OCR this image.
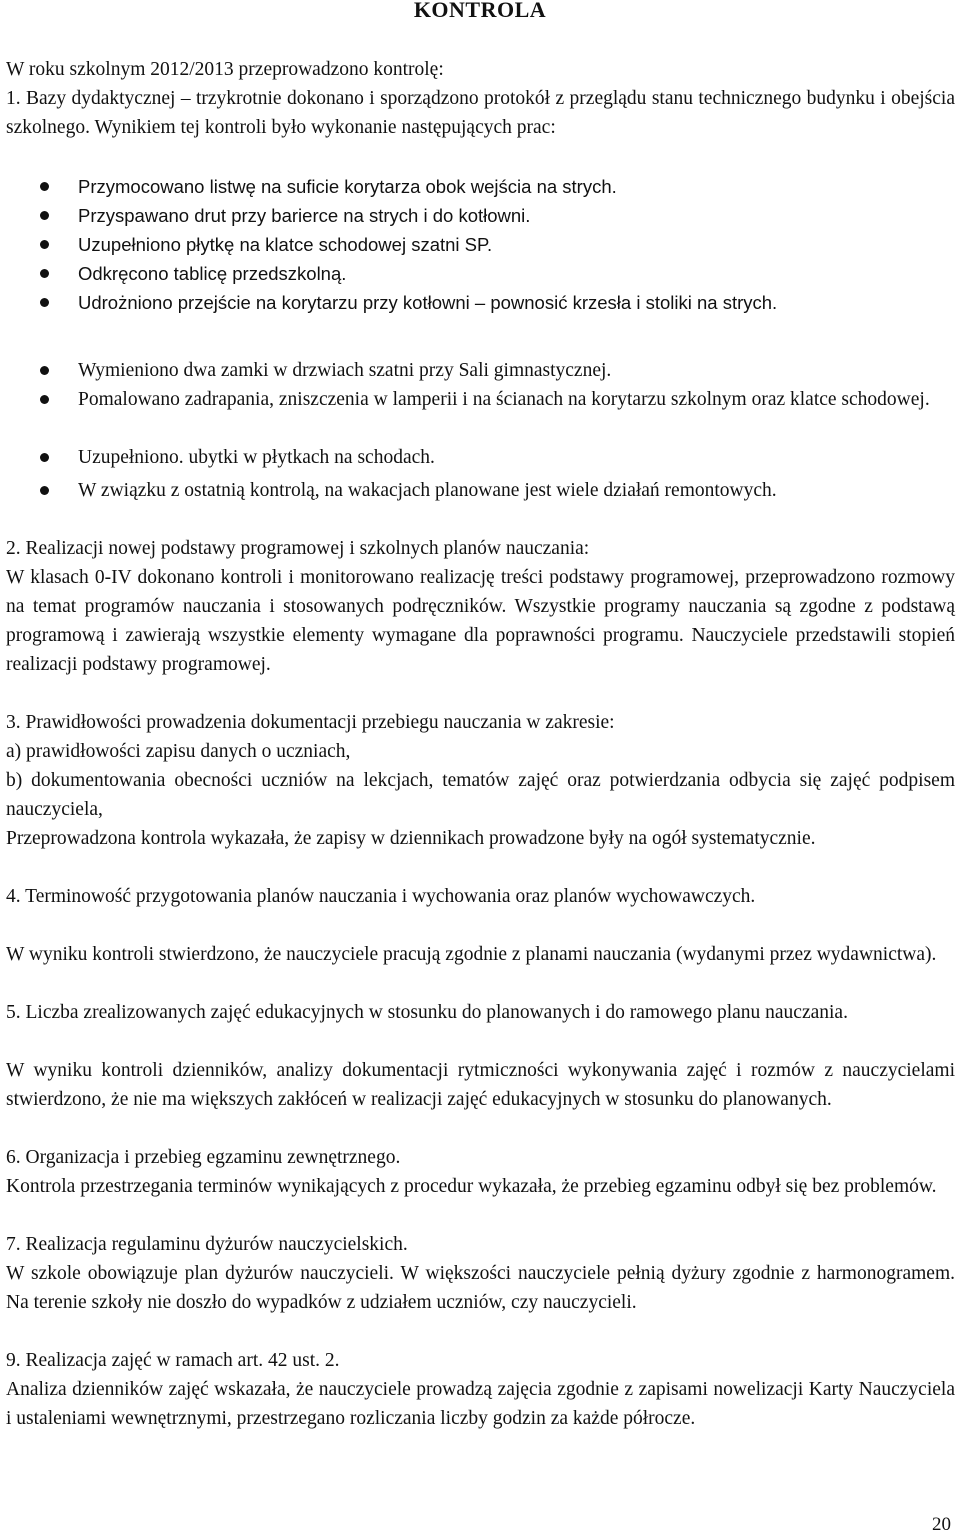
KONTROLA

W roku szkolnym 2012/2013 przeprowadzono kontrolę:

1. Bazy dydaktycznej – trzykrotnie dokonano i sporządzono protokół z przeglądu stanu technicznego budynku i obejścia szkolnego. Wynikiem tej kontroli było wykonanie następujących prac:

Przymocowano listwę na suficie korytarza obok wejścia na strych.

Przyspawano drut przy barierce na strych i do kotłowni.

Uzupełniono płytkę na klatce schodowej szatni SP.

Odkręcono tablicę przedszkolną.

Udrożniono przejście na korytarzu przy kotłowni – pownosić krzesła i stoliki na strych.

Wymieniono dwa zamki w drzwiach szatni przy Sali gimnastycznej.

Pomalowano zadrapania, zniszczenia w lamperii i na ścianach na korytarzu szkolnym oraz klatce schodowej.

Uzupełniono. ubytki w płytkach na schodach.

W związku z ostatnią kontrolą, na wakacjach planowane jest wiele działań remontowych.

2. Realizacji nowej podstawy programowej i szkolnych planów nauczania:

W klasach 0-IV dokonano kontroli i monitorowano realizację treści podstawy programowej, przeprowadzono rozmowy na temat programów nauczania i stosowanych podręczników. Wszystkie programy nauczania są zgodne z podstawą programową i zawierają wszystkie elementy wymagane dla poprawności programu. Nauczyciele przedstawili stopień realizacji podstawy programowej.

3. Prawidłowości prowadzenia dokumentacji przebiegu nauczania w zakresie:

a) prawidłowości zapisu danych o uczniach,

b) dokumentowania obecności uczniów na lekcjach, tematów zajęć oraz potwierdzania odbycia się zajęć podpisem nauczyciela,

Przeprowadzona kontrola wykazała, że zapisy w dziennikach prowadzone były na ogół systematycznie.

4. Terminowość przygotowania planów nauczania i wychowania oraz planów wychowawczych.

W wyniku kontroli stwierdzono, że nauczyciele pracują zgodnie z planami nauczania (wydanymi przez wydawnictwa).

5. Liczba zrealizowanych zajęć edukacyjnych w stosunku do planowanych i do ramowego planu nauczania.

W wyniku kontroli dzienników, analizy dokumentacji rytmiczności wykonywania zajęć i rozmów z nauczycielami stwierdzono, że nie ma większych zakłóceń w realizacji zajęć edukacyjnych w stosunku do planowanych.

6. Organizacja i przebieg egzaminu zewnętrznego.

Kontrola przestrzegania terminów wynikających z procedur wykazała, że przebieg egzaminu odbył się bez problemów.

7. Realizacja regulaminu dyżurów nauczycielskich.

W szkole obowiązuje plan dyżurów nauczycieli. W większości nauczyciele pełnią dyżury zgodnie z harmonogramem. Na terenie szkoły nie doszło do wypadków z udziałem uczniów, czy nauczycieli.

9. Realizacja zajęć w ramach art. 42 ust. 2.

Analiza dzienników zajęć wskazała, że nauczyciele prowadzą zajęcia zgodnie z zapisami nowelizacji Karty Nauczyciela i ustaleniami wewnętrznymi, przestrzegano rozliczania liczby godzin za każde półrocze.

20
